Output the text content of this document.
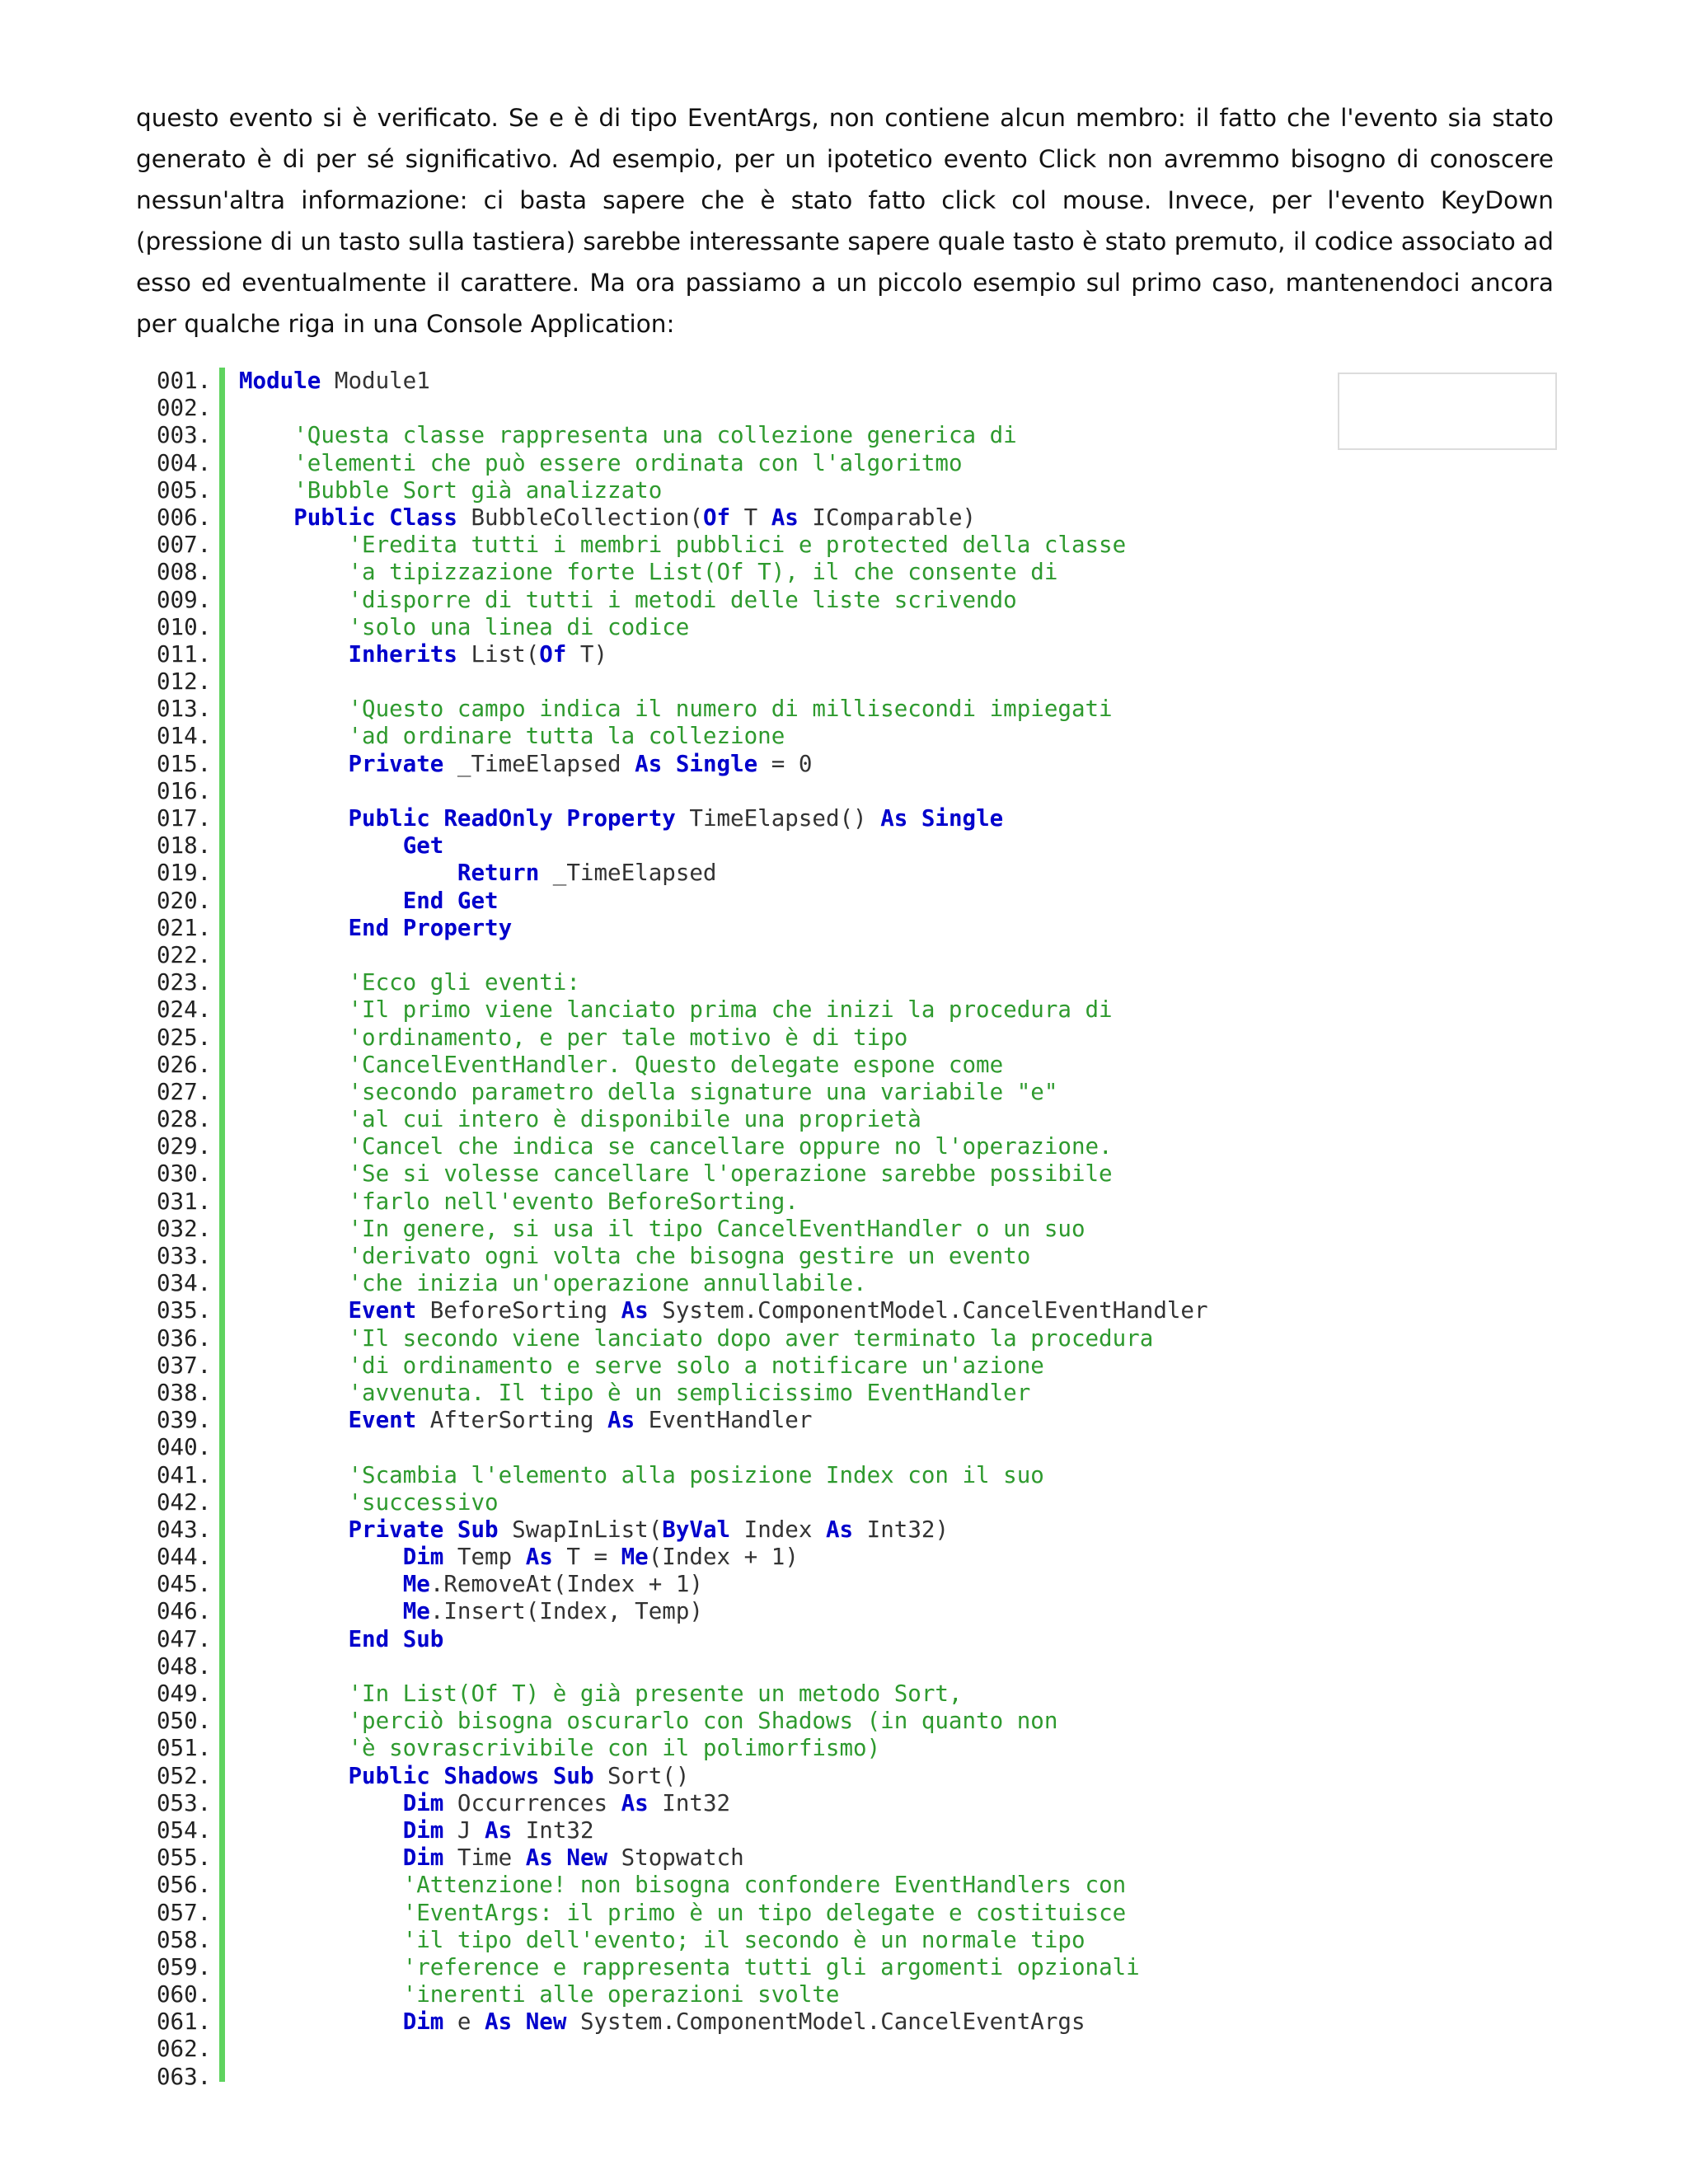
questo evento si è verificato. Se e è di tipo EventArgs, non contiene alcun membro: il fatto che l'evento sia stato generato è di per sé significativo. Ad esempio, per un ipotetico evento Click non avremmo bisogno di conoscere nessun'altra informazione: ci basta sapere che è stato fatto click col mouse. Invece, per l'evento KeyDown (pressione di un tasto sulla tastiera) sarebbe interessante sapere quale tasto è stato premuto, il codice associato ad esso ed eventualmente il carattere. Ma ora passiamo a un piccolo esempio sul primo caso, mantenendoci ancora per qualche riga in una Console Application:

001. Module Module1
002.
003.	'Questa classe rappresenta una collezione generica di
004.	'elementi che può essere ordinata con l'algoritmo
005.	'Bubble Sort già analizzato
006.	Public Class BubbleCollection(Of T As IComparable)
007.	'Eredita tutti i membri pubblici e protected della classe
008.	'a tipizzazione forte List(Of T), il che consente di
009.	'disporre di tutti i metodi delle liste scrivendo
010.	'solo una linea di codice
011.	Inherits List(Of T)
012.
013.	'Questo campo indica il numero di millisecondi impiegati
014.	'ad ordinare tutta la collezione
015.	Private _TimeElapsed As Single = 0
016.
017.	Public ReadOnly Property TimeElapsed() As Single
018.	Get
019.	Return _TimeElapsed
020.	End Get
021.	End Property
022.
023.	'Ecco gli eventi:
024.	'Il primo viene lanciato prima che inizi la procedura di
025.	'ordinamento, e per tale motivo è di tipo
026.	'CancelEventHandler. Questo delegate espone come
027.	'secondo parametro della signature una variabile "e"
028.	'al cui intero è disponibile una proprietà
029.	'Cancel che indica se cancellare oppure no l'operazione.
030.	'Se si volesse cancellare l'operazione sarebbe possibile
031.	'farlo nell'evento BeforeSorting.
032.	'In genere, si usa il tipo CancelEventHandler o un suo
033.	'derivato ogni volta che bisogna gestire un evento
034.	'che inizia un'operazione annullabile.
035.	Event BeforeSorting As System.ComponentModel.CancelEventHandler
036.	'Il secondo viene lanciato dopo aver terminato la procedura
037.	'di ordinamento e serve solo a notificare un'azione
038.	'avvenuta. Il tipo è un semplicissimo EventHandler
039.	Event AfterSorting As EventHandler
040.
041.	'Scambia l'elemento alla posizione Index con il suo
042.	'successivo
043.	Private Sub SwapInList(ByVal Index As Int32)
044.	Dim Temp As T = Me(Index + 1)
045.	Me.RemoveAt(Index + 1)
046.	Me.Insert(Index, Temp)
047.	End Sub
048.
049.	'In List(Of T) è già presente un metodo Sort,
050.	'perciò bisogna oscurarlo con Shadows (in quanto non
051.	'è sovrascrivibile con il polimorfismo)
052.	Public Shadows Sub Sort()
053.	Dim Occurrences As Int32
054.	Dim J As Int32
055.	Dim Time As New Stopwatch
056.	'Attenzione! non bisogna confondere EventHandlers con
057.	'EventArgs: il primo è un tipo delegate e costituisce
058.	'il tipo dell'evento; il secondo è un normale tipo
059.	'reference e rappresenta tutti gli argomenti opzionali
060.	'inerenti alle operazioni svolte
061.	Dim e As New System.ComponentModel.CancelEventArgs
062.
063.
